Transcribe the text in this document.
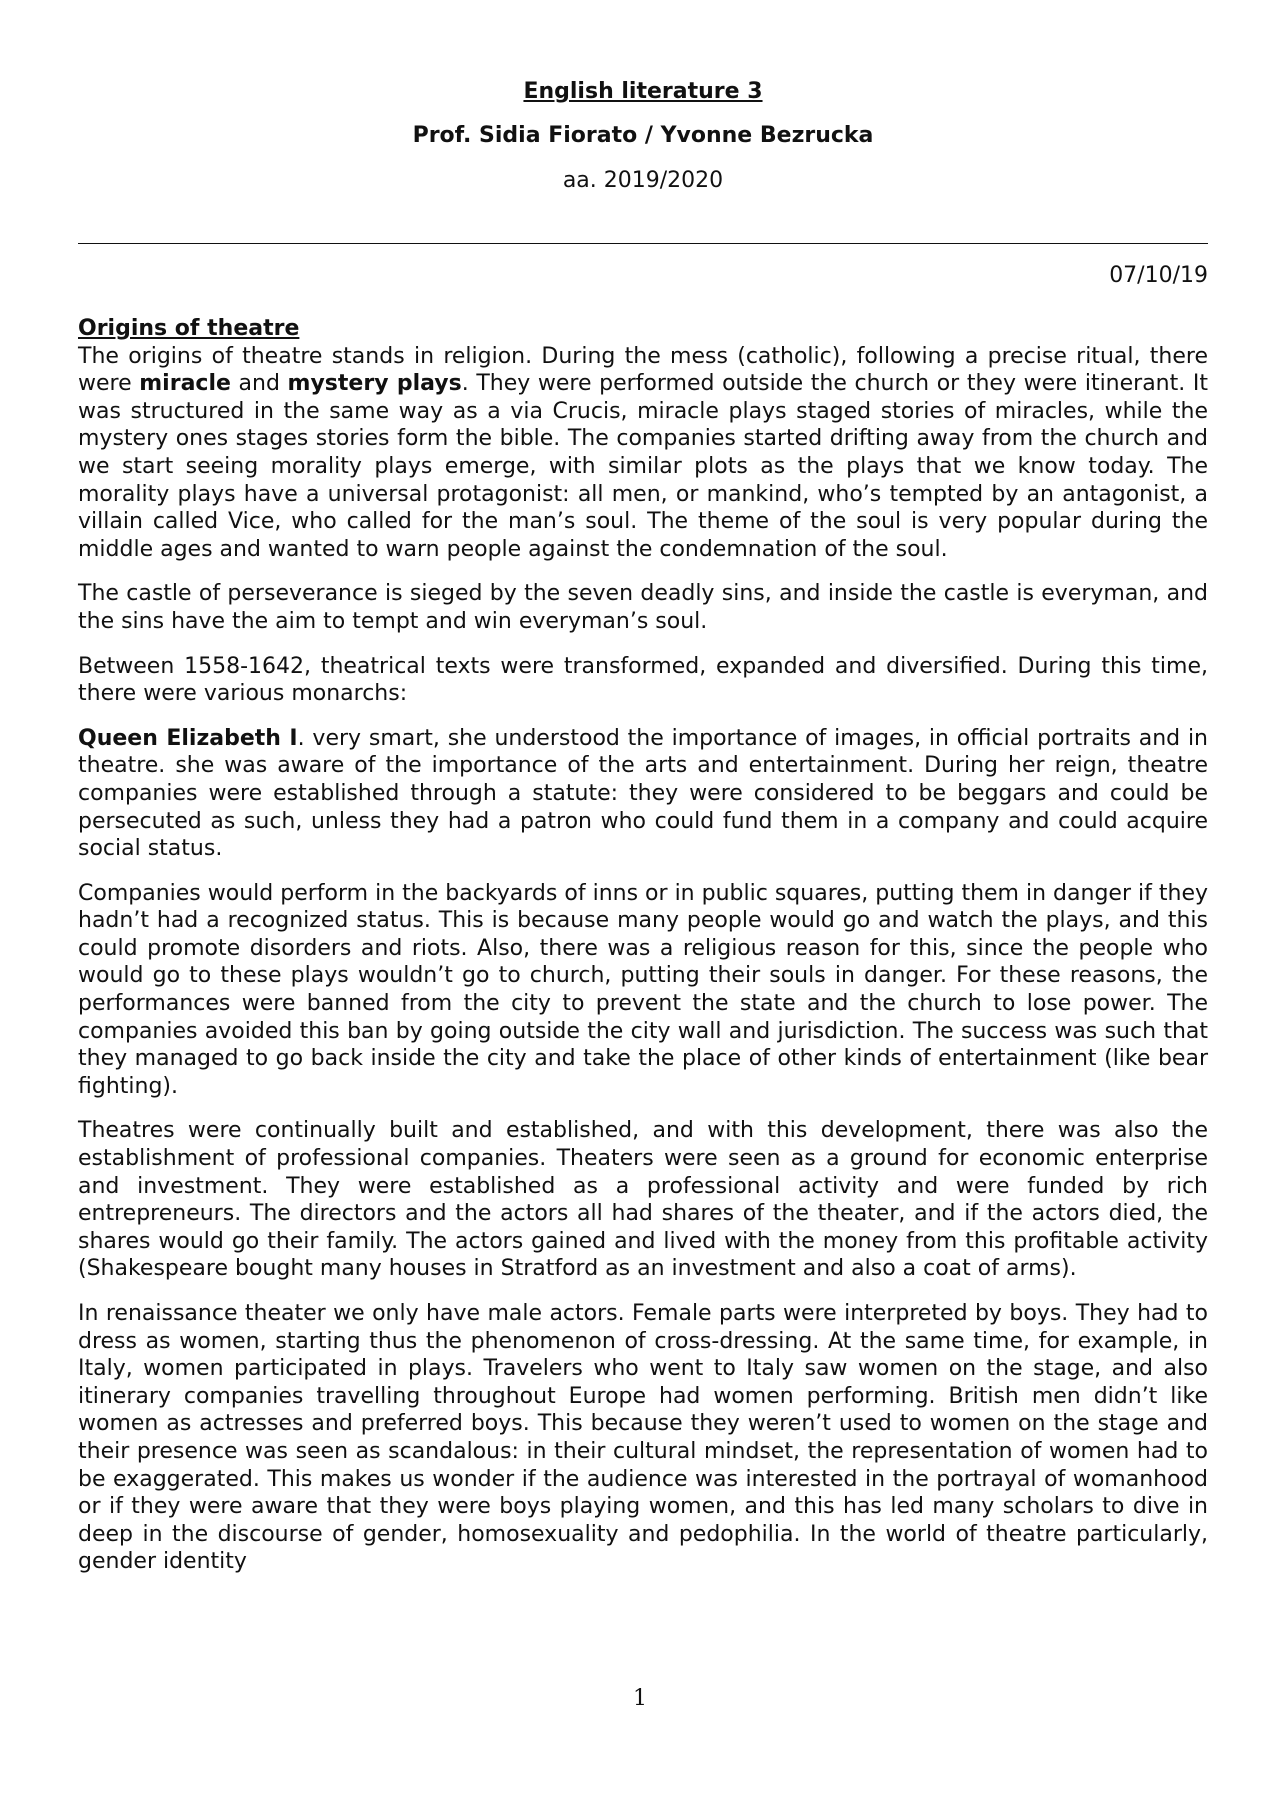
English literature 3
Prof. Sidia Fiorato / Yvonne Bezrucka
aa. 2019/2020
07/10/19
Origins of theatre

The origins of theatre stands in religion. During the mess (catholic), following a precise ritual, there were miracle and mystery plays. They were performed outside the church or they were itinerant. It was structured in the same way as a via Crucis, miracle plays staged stories of miracles, while the mystery ones stages stories form the bible. The companies started drifting away from the church and we start seeing morality plays emerge, with similar plots as the plays that we know today. The morality plays have a universal protagonist: all men, or mankind, who’s tempted by an antagonist, a villain called Vice, who called for the man’s soul. The theme of the soul is very popular during the middle ages and wanted to warn people against the condemnation of the soul.

The castle of perseverance is sieged by the seven deadly sins, and inside the castle is everyman, and the sins have the aim to tempt and win everyman’s soul.

Between 1558-1642, theatrical texts were transformed, expanded and diversified. During this time, there were various monarchs:

Queen Elizabeth I. very smart, she understood the importance of images, in official portraits and in theatre. she was aware of the importance of the arts and entertainment. During her reign, theatre companies were established through a statute: they were considered to be beggars and could be persecuted as such, unless they had a patron who could fund them in a company and could acquire social status.

Companies would perform in the backyards of inns or in public squares, putting them in danger if they hadn’t had a recognized status. This is because many people would go and watch the plays, and this could promote disorders and riots. Also, there was a religious reason for this, since the people who would go to these plays wouldn’t go to church, putting their souls in danger. For these reasons, the performances were banned from the city to prevent the state and the church to lose power. The companies avoided this ban by going outside the city wall and jurisdiction. The success was such that they managed to go back inside the city and take the place of other kinds of entertainment (like bear fighting).

Theatres were continually built and established, and with this development, there was also the establishment of professional companies. Theaters were seen as a ground for economic enterprise and investment. They were established as a professional activity and were funded by rich entrepreneurs. The directors and the actors all had shares of the theater, and if the actors died, the shares would go their family. The actors gained and lived with the money from this profitable activity (Shakespeare bought many houses in Stratford as an investment and also a coat of arms).

In renaissance theater we only have male actors. Female parts were interpreted by boys. They had to dress as women, starting thus the phenomenon of cross-dressing. At the same time, for example, in Italy, women participated in plays. Travelers who went to Italy saw women on the stage, and also itinerary companies travelling throughout Europe had women performing. British men didn’t like women as actresses and preferred boys. This because they weren’t used to women on the stage and their presence was seen as scandalous: in their cultural mindset, the representation of women had to be exaggerated. This makes us wonder if the audience was interested in the portrayal of womanhood or if they were aware that they were boys playing women, and this has led many scholars to dive in deep in the discourse of gender, homosexuality and pedophilia. In the world of theatre particularly, gender identity

1
